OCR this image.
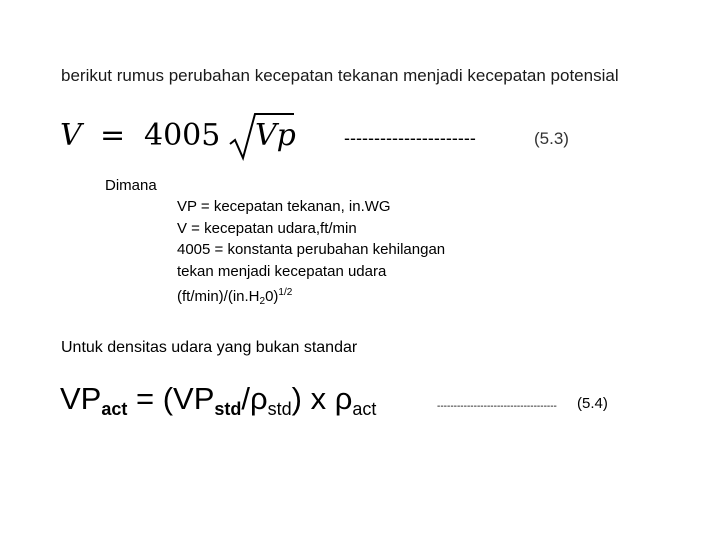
berikut rumus perubahan kecepatan tekanan menjadi kecepatan potensial
V = 4005 Vp	----------------------	(5.3)
Dimana
VP = kecepatan tekanan, in.WG
V = kecepatan udara,ft/min
4005 = konstanta perubahan kehilangan
tekan menjadi kecepatan udara
$(ft/\min)/(in.H_20)^{1/2}$
Untuk densitas udara yang bukan standar
VPact = $(VPstd/\rho_{std})$ x $\rho_{act}$	------------------------------------ (5.4)
